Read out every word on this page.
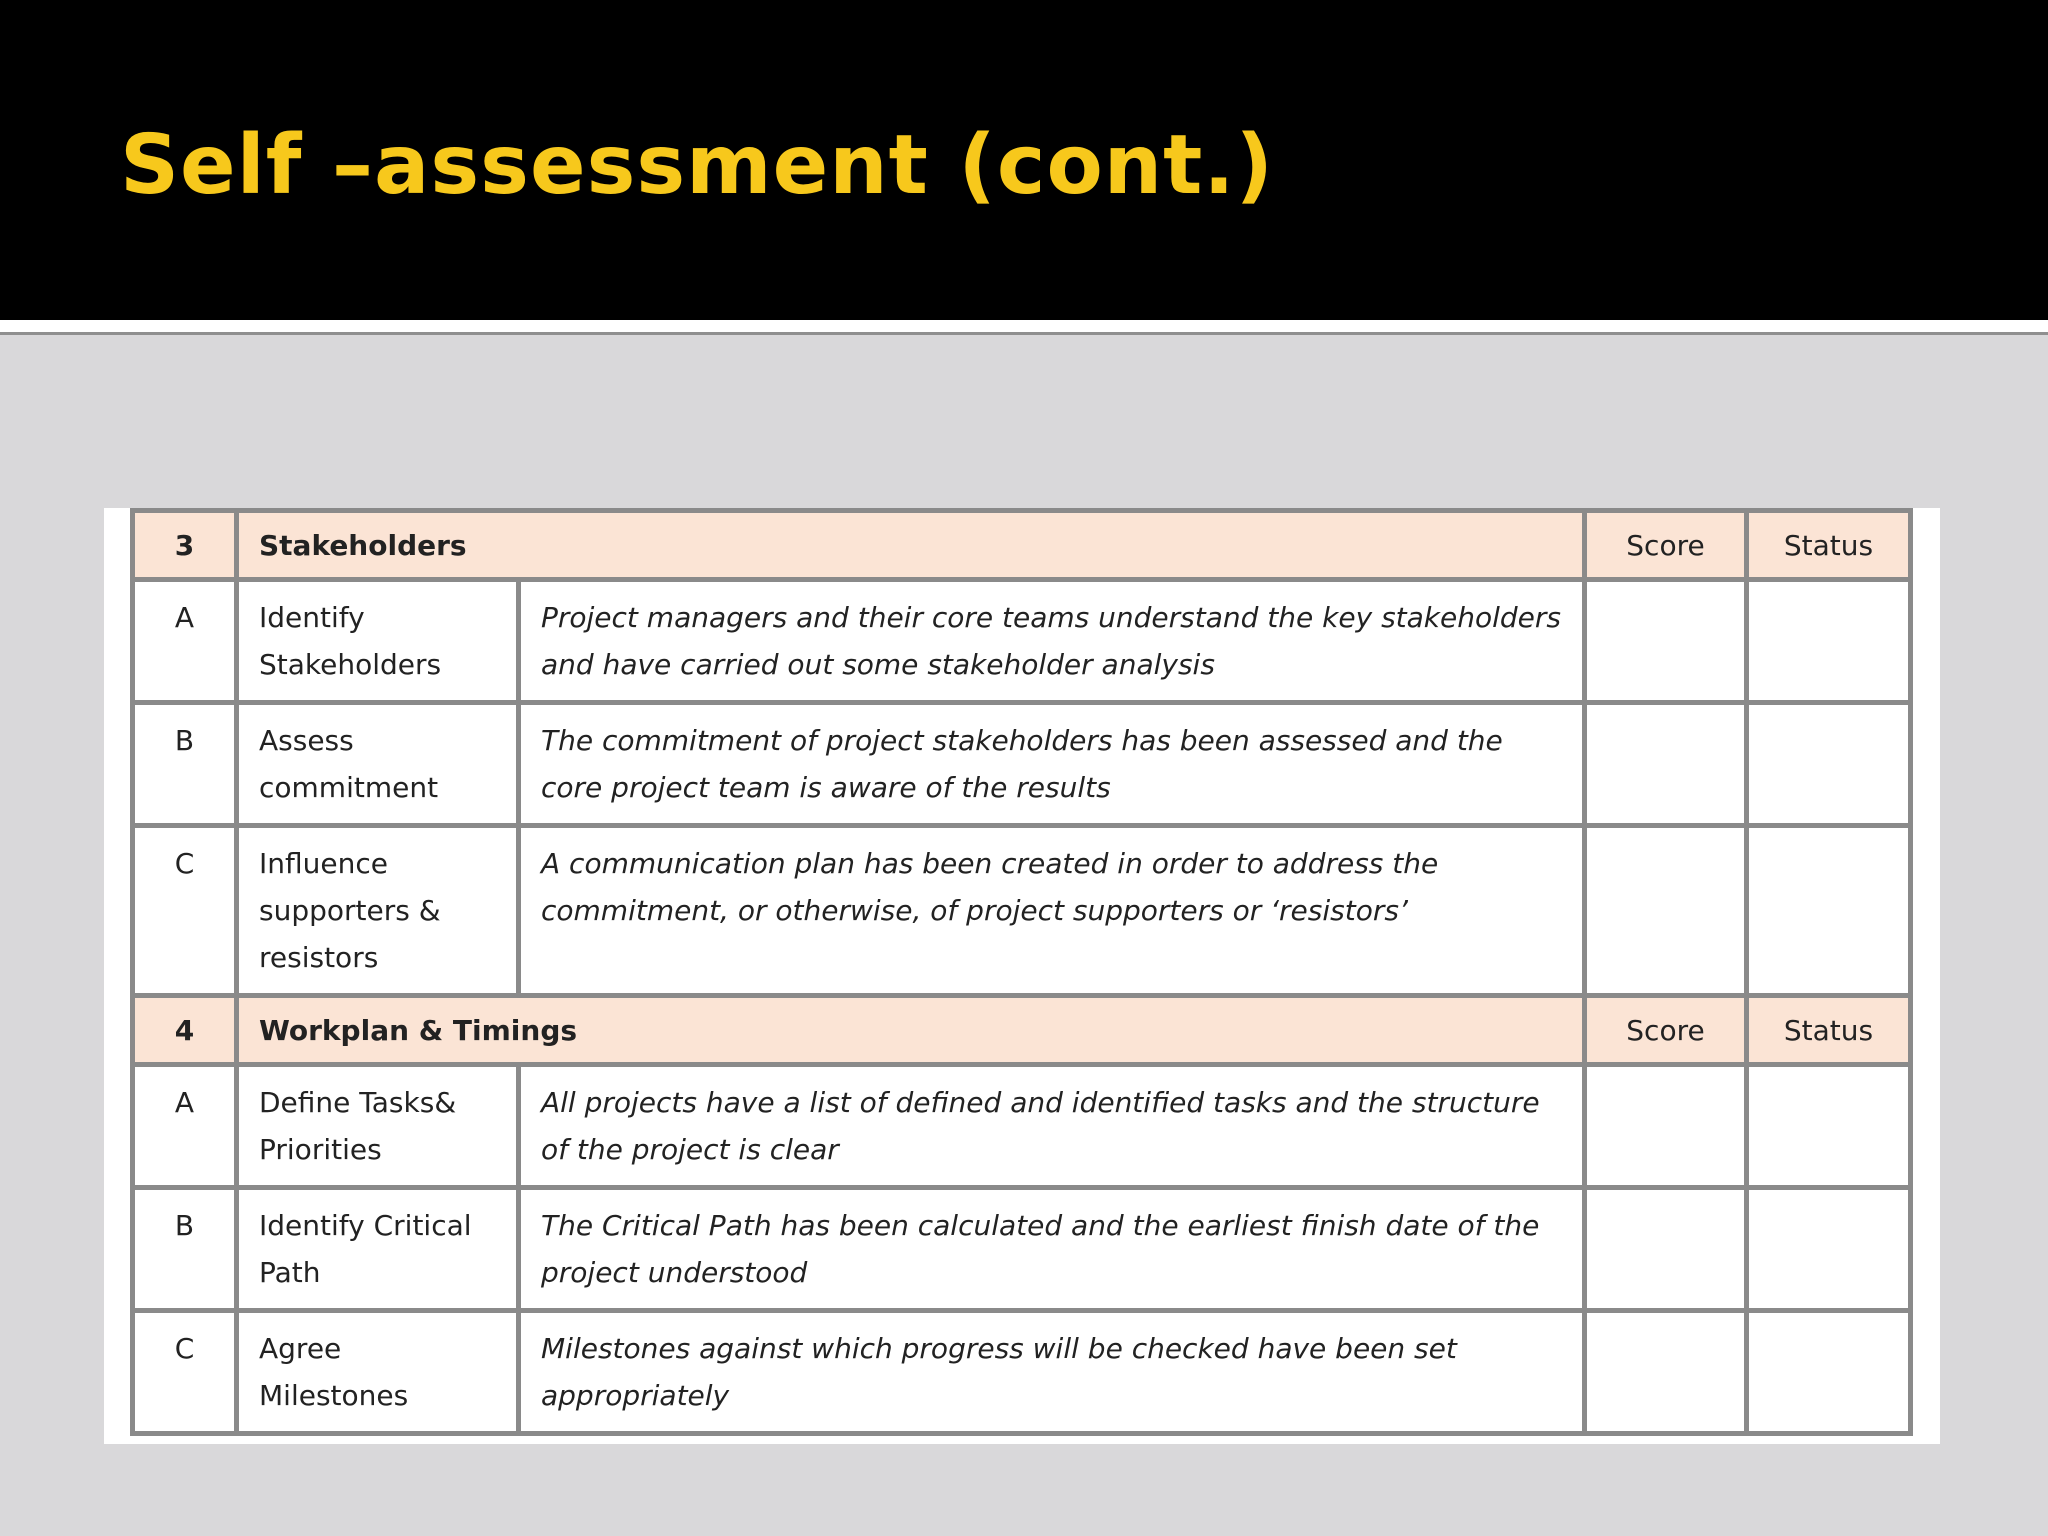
Self –assessment (cont.)
3	Stakeholders		Score	Status
A	Identify Stakeholders	Project managers and their core teams understand the key stakeholders and have carried out some stakeholder analysis		
B	Assess commitment	The commitment of project stakeholders has been assessed and the core project team is aware of the results		
C	Influence supporters & resistors	A communication plan has been created in order to address the commitment, or otherwise, of project supporters or ‘resistors’		
4	Workplan & Timings		Score	Status
A	Define Tasks& Priorities	All projects have a list of defined and identified tasks and the structure of the project is clear		
B	Identify Critical Path	The Critical Path has been calculated and the earliest finish date of the project understood		
C	Agree Milestones	Milestones against which progress will be checked have been set appropriately		
